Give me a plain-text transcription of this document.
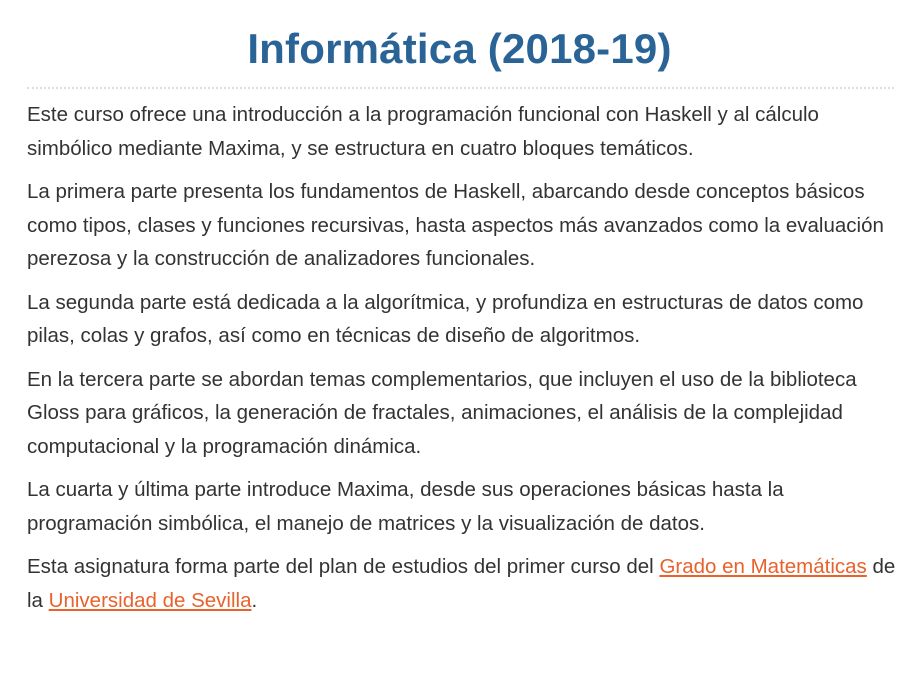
Informática (2018-19)

Este curso ofrece una introducción a la programación funcional con Haskell y al cálculo simbólico mediante Maxima, y se estructura en cuatro bloques temáticos.

La primera parte presenta los fundamentos de Haskell, abarcando desde conceptos básicos como tipos, clases y funciones recursivas, hasta aspectos más avanzados como la evaluación perezosa y la construcción de analizadores funcionales.

La segunda parte está dedicada a la algorítmica, y profundiza en estructuras de datos como pilas, colas y grafos, así como en técnicas de diseño de algoritmos.

En la tercera parte se abordan temas complementarios, que incluyen el uso de la biblioteca Gloss para gráficos, la generación de fractales, animaciones, el análisis de la complejidad computacional y la programación dinámica.

La cuarta y última parte introduce Maxima, desde sus operaciones básicas hasta la programación simbólica, el manejo de matrices y la visualización de datos.

Esta asignatura forma parte del plan de estudios del primer curso del Grado en Matemáticas de la Universidad de Sevilla.
